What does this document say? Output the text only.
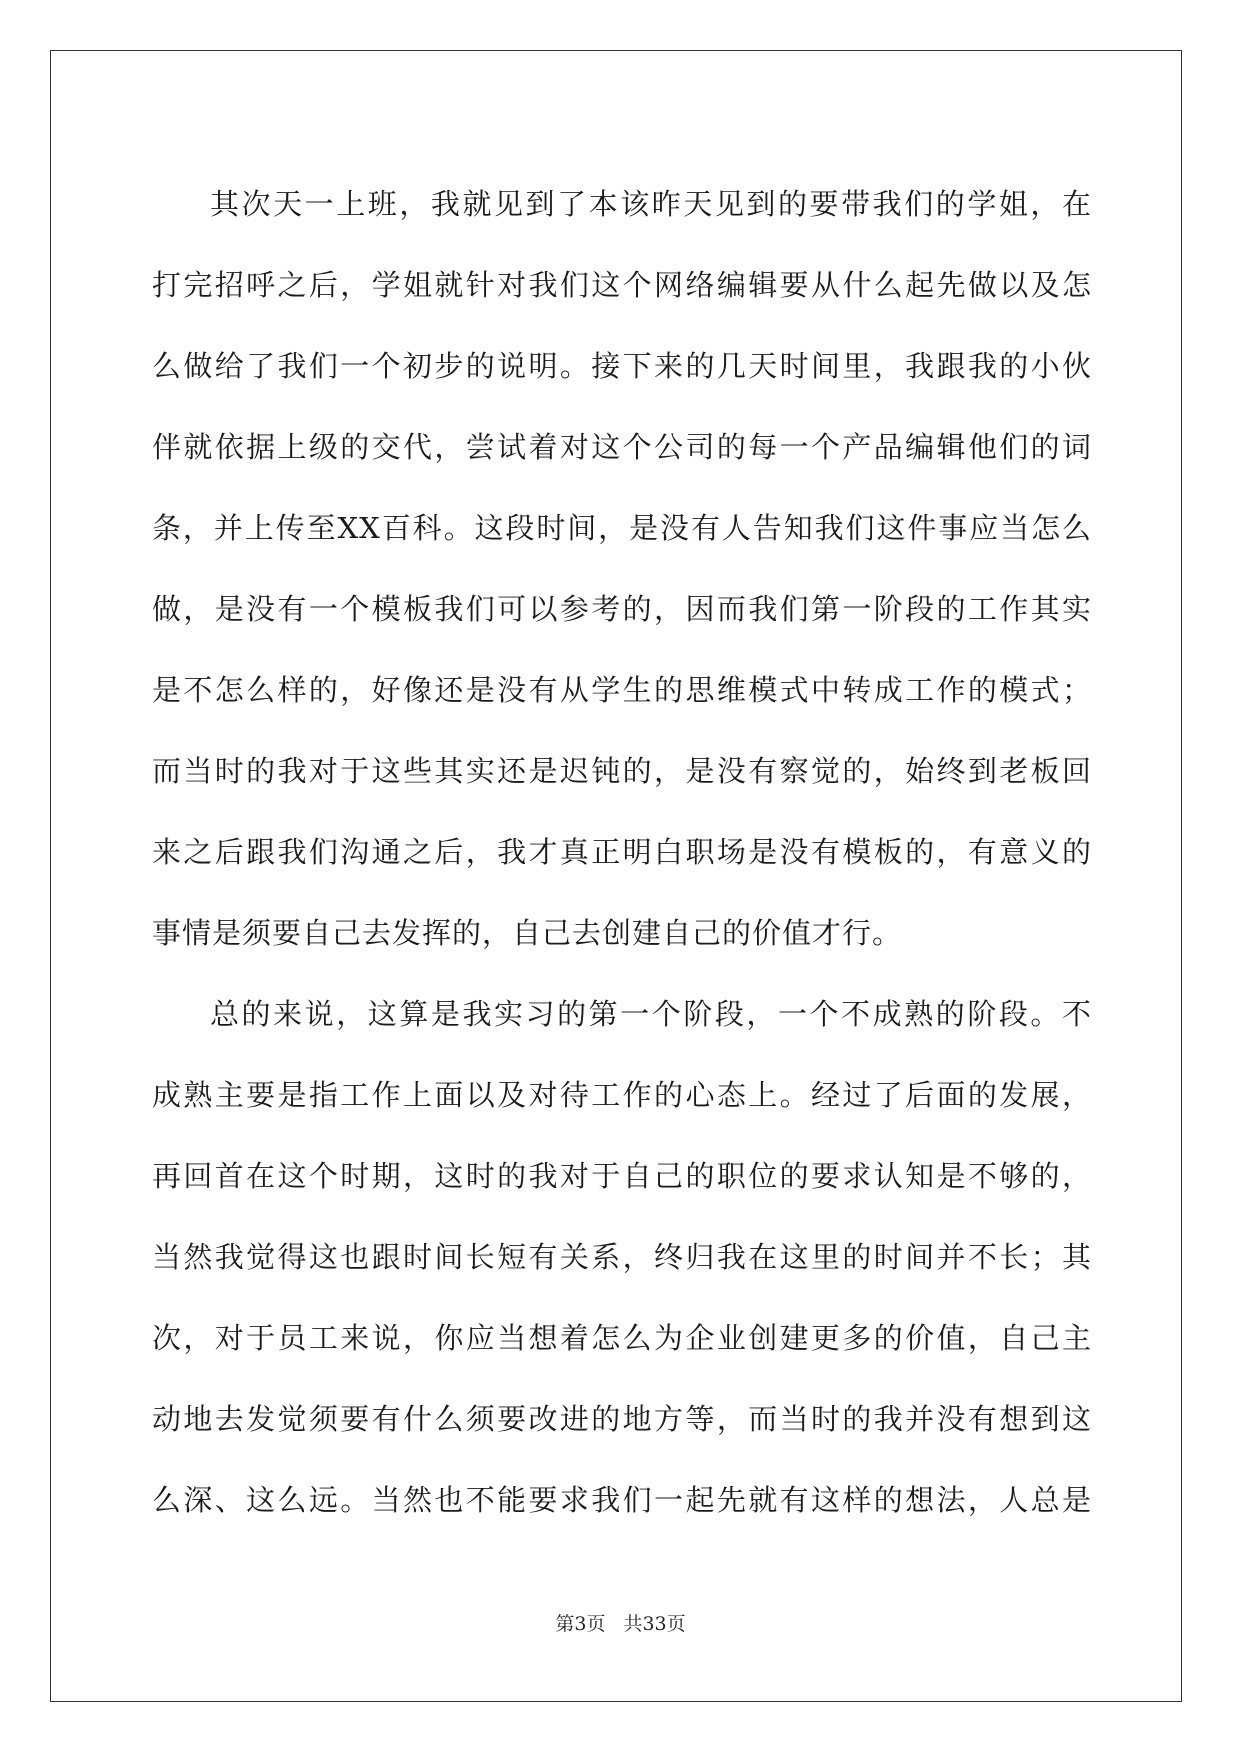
其次天一上班，我就见到了本该昨天见到的要带我们的学姐，在
打完招呼之后，学姐就针对我们这个网络编辑要从什么起先做以及怎
么做给了我们一个初步的说明。接下来的几天时间里，我跟我的小伙
伴就依据上级的交代，尝试着对这个公司的每一个产品编辑他们的词
条，并上传至XX百科。这段时间，是没有人告知我们这件事应当怎么
做，是没有一个模板我们可以参考的，因而我们第一阶段的工作其实
是不怎么样的，好像还是没有从学生的思维模式中转成工作的模式；
而当时的我对于这些其实还是迟钝的，是没有察觉的，始终到老板回
来之后跟我们沟通之后，我才真正明白职场是没有模板的，有意义的
事情是须要自己去发挥的，自己去创建自己的价值才行。

总的来说，这算是我实习的第一个阶段，一个不成熟的阶段。不
成熟主要是指工作上面以及对待工作的心态上。经过了后面的发展，
再回首在这个时期，这时的我对于自己的职位的要求认知是不够的，
当然我觉得这也跟时间长短有关系，终归我在这里的时间并不长；其
次，对于员工来说，你应当想着怎么为企业创建更多的价值，自己主
动地去发觉须要有什么须要改进的地方等，而当时的我并没有想到这
么深、这么远。当然也不能要求我们一起先就有这样的想法，人总是

第3页 共33页
